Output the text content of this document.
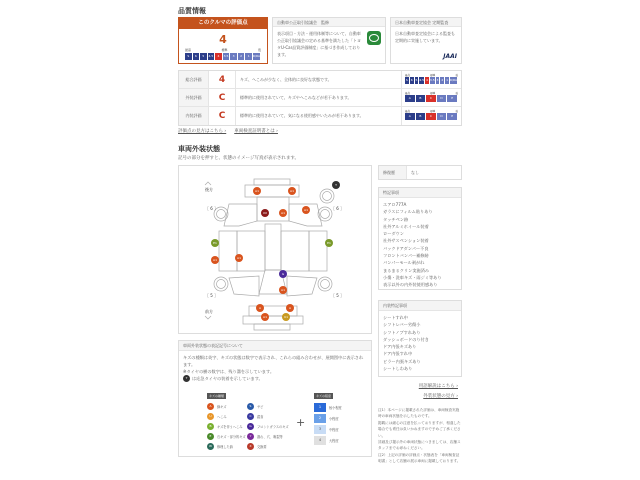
品質情報
このクルマの評価点
4
最高	標準	低
S	6	5	4.5	4	3.5	3	2	1	R/RA
自動車公正取引協議会　監修
表示項目・方法・運用体制等について、自動車公正取引協議会の定める基準を満たした「トヨタU-Car品質評価制度」に基づき作成しております。
日本自動車査定協会 定期監査
日本自動車査定協会による監査も定期的に実施しています。
JAAI
総合評価	4	キズ、へこみが少なく、全体的に良好な状態です。
最高	標準	低
S 6 5 4.5 4 3.5 3 2 1 R/RA
外装評価	C	標準的に使用されていて、キズやへこみなどが若干あります。
最高	標準	低
A	B	C	D	E
内装評価	C	標準的に使用されていて、気になる使用感やいたみが若干あります。
最高	標準	低
A	B	C	D	E
評価点の見方はこちら › 車両検査証明書とは ›
車両外装状態
記号の部分を押すと、状態のイメージ写真が表示されます。
後方
前方
［ 6 ］	［ 6 ］
［ 5 ］	［ 5 ］
T
A1	A1
XX	A1
A1
E1	E1
A1	A1
G
A1
A	A
A1	U1
修復歴	なし
特記事項
エアロ777A
ガラスにフィルム貼りあり
タッチペン跡
社外アルミホイール装着
ローダウン
社外サスペンション装着
バックドアダンパー不良
フロントバンパー補修跡
バンパーモール剥がれ
まるまるクリン実施済み
小傷・洗車キズ・雨ジミ等あり
表示以外の内外装使用感あり
内装特記事項
シートすれ中
シフトレバー劣傷小
シフトノブすれあり
ダッシュボードのり付き
ドア内張キズあり
ドア内張すれ中
ピラー内張キズあり
シートしわあり
用語解説はこちら ›
外装状態の見方 ›
注1）本ページに掲載された評価は、車両検査実施時の車両状態を示したものです。
掲載には細心の注意を払っておりますが、相違した場合でも責任は負いかねますので予めご了承ください。
詳細及び掲示外の車両状態につきましては、店舗スタッフまでお尋ねください。
注2）上記の評価の評価点・状態表を「車両検査証明書」として店舗の展示車両に掲載しております。
車両外装状態の表記記号について
キズの種類は英字、キズの状態は数字で表示され、これらの組み合わせが、展開図中に表示されます。
※タイヤの横の数字は、残り溝を示しています。
T	は応急タイヤの装着を示しています。
キズの種類	キズの程度
+
A	線キズ
U	へこみ
B	キズを伴うへこみ
E	石キズ・部分的キズ
W	修理した跡
S	サビ
C	腐食
G	フロントガラスのキズ
Y	割れ、穴、亀裂等
X	交換要
1	極小程度
2	小程度
3	中程度
4	大程度
